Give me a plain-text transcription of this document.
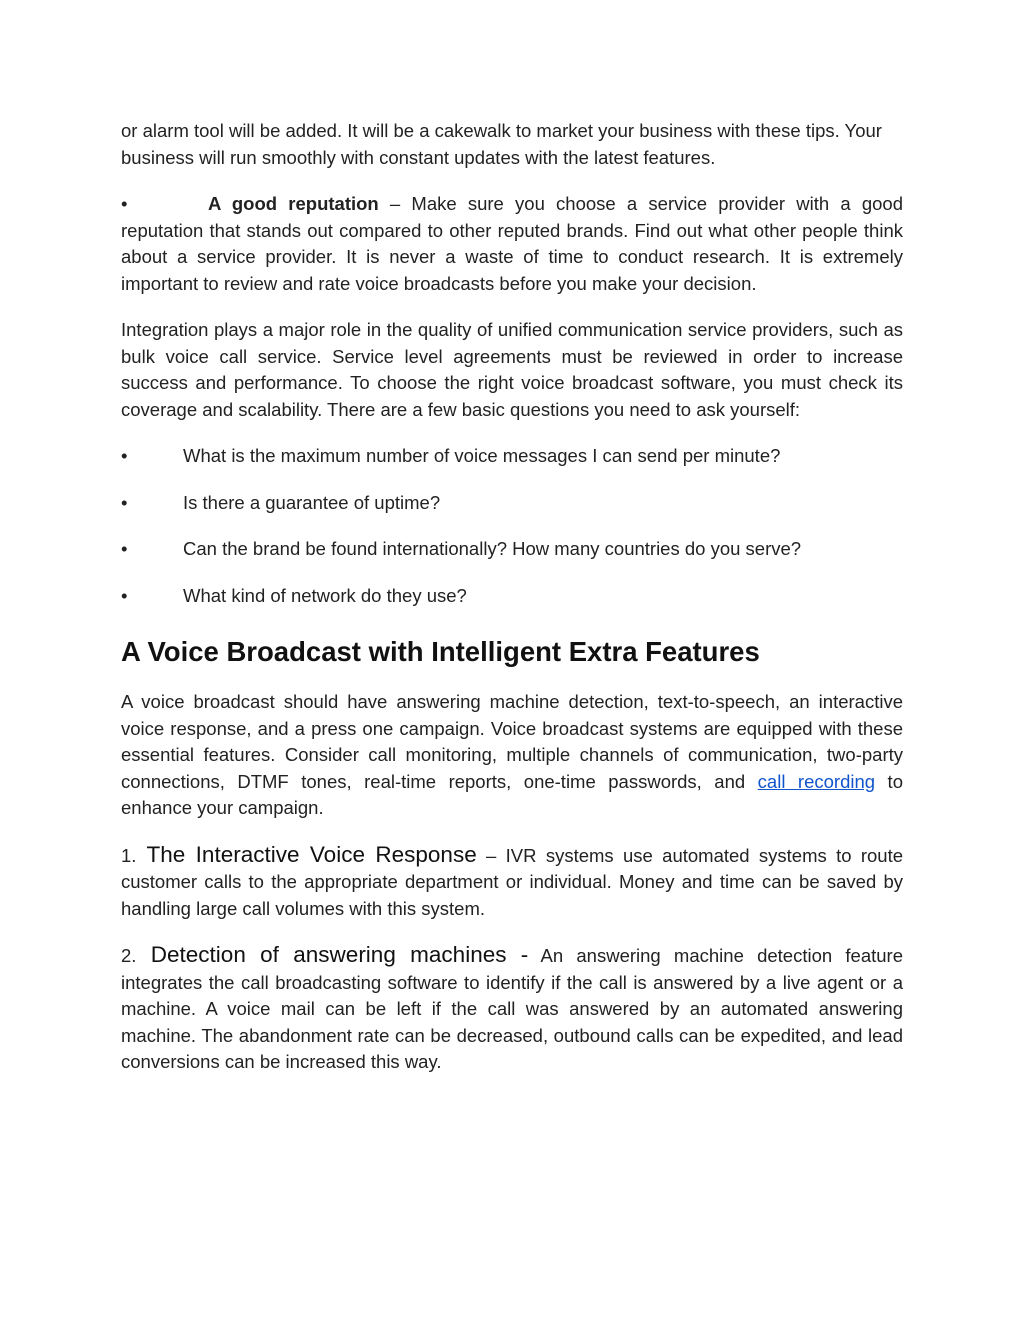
or alarm tool will be added. It will be a cakewalk to market your business with these tips. Your business will run smoothly with constant updates with the latest features.

•	A good reputation – Make sure you choose a service provider with a good reputation that stands out compared to other reputed brands. Find out what other people think about a service provider. It is never a waste of time to conduct research. It is extremely important to review and rate voice broadcasts before you make your decision.

Integration plays a major role in the quality of unified communication service providers, such as bulk voice call service. Service level agreements must be reviewed in order to increase success and performance. To choose the right voice broadcast software, you must check its coverage and scalability. There are a few basic questions you need to ask yourself:

•	What is the maximum number of voice messages I can send per minute?

•	Is there a guarantee of uptime?

•	Can the brand be found internationally? How many countries do you serve?

•	What kind of network do they use?

A Voice Broadcast with Intelligent Extra Features

A voice broadcast should have answering machine detection, text-to-speech, an interactive voice response, and a press one campaign. Voice broadcast systems are equipped with these essential features. Consider call monitoring, multiple channels of communication, two-party connections, DTMF tones, real-time reports, one-time passwords, and call recording to enhance your campaign.

1. The Interactive Voice Response – IVR systems use automated systems to route customer calls to the appropriate department or individual. Money and time can be saved by handling large call volumes with this system.

2. Detection of answering machines - An answering machine detection feature integrates the call broadcasting software to identify if the call is answered by a live agent or a machine. A voice mail can be left if the call was answered by an automated answering machine. The abandonment rate can be decreased, outbound calls can be expedited, and lead conversions can be increased this way.
